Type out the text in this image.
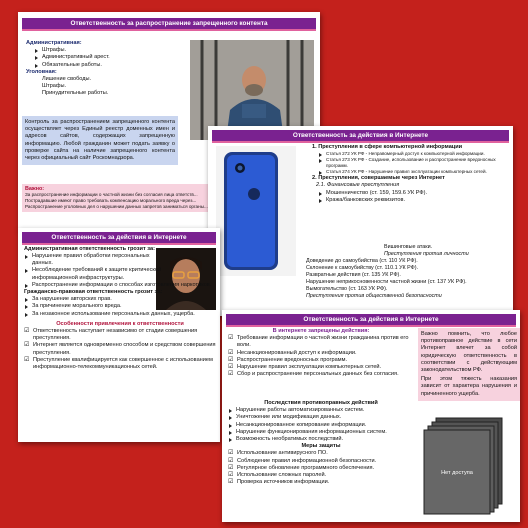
Ответственность за распространение запрещенного контента
Административная:
Штрафы.
Административный арест.
Обязательные работы.
Уголовная:
Лишение свободы.
Штрафы.
Принудительные работы.
Контроль за распространением запрещенного контента осуществляет через Единый реестр доменных имен и адресов сайтов, содержащих запрещенную информацию. Любой гражданин может подать заявку о проверке сайта на наличие запрещенного контента через официальный сайт Роскомнадзора.
Важно:
За распространение информации о частной жизни без согласия лица ответств...
Пострадавшие имеют право требовать компенсацию морального вреда через...
Распространение уголовных дел о нарушении данных запретов заниматься органы...
Ответственность за действия в Интернете
1. Преступления в сфере компьютерной информации
Статья 272 УК РФ - Неправомерный доступ к компьютерной информации.
Статья 273 УК РФ - Создание, использование и распространение вредоносных программ.
Статья 274 УК РФ - Нарушение правил эксплуатации компьютерных сетей.
2. Преступления, совершаемые через Интернет
2.1. Финансовые преступления
Мошенничество (ст. 159, 159.6 УК РФ).
Кража/банковских реквизитов.
Вишинговые атаки.
Преступления против личности
Доведение до самоубийства (ст. 110 УК РФ).
Склонение к самоубийству (ст. 110.1 УК РФ).
Развратные действия (ст. 135 УК РФ).
Нарушение неприкосновенности частной жизни (ст. 137 УК РФ).
Вымогательство (ст. 163 УК РФ).
Преступления против общественной безопасности
Ответственность за действия в Интернете
Административная ответственность грозит за:
Нарушение правил обработки персональных данных.
Несоблюдение требований к защите критической информационной инфраструктуры.
Распространение информации о способах изготовления наркотиков.
Гражданско-правовая ответственность грозит за:
За нарушение авторских прав.
За причинение морального вреда.
За незаконное использование персональных данных, ущерба.
Особенности привлечения к ответственности
☑ Ответственность наступает независимо от стадии совершения преступления.
☑ Интернет является одновременно способом и средством совершения преступления.
☑ Преступление квалифицируется как совершенное с использованием информационно-телекоммуникационных сетей.
Ответственность за действия в Интернете
В интернете запрещены действия:
☑ Требование информации о частной жизни гражданина против его воли.
☑ Несанкционированный доступ к информации.
☑ Распространение вредоносных программ.
☑ Нарушение правил эксплуатации компьютерных сетей.
☑ Сбор и распространение персональных данных без согласия.
Важно помнить, что любое противоправное действие в сети Интернет влечет за собой юридическую ответственность в соответствии с действующим законодательством РФ.
При этом тяжесть наказания зависит от характера нарушения и причиненного ущерба.
Последствия противоправных действий
Нарушение работы автоматизированных систем.
Уничтожение или модификация данных.
Несанкционированное копирование информации.
Нарушение функционирования информационных систем.
Возможность необратимых последствий.
Меры защиты
☑ Использование антивирусного ПО.
☑ Соблюдение правил информационной безопасности.
☑ Регулярное обновление программного обеспечения.
☑ Использование сложных паролей.
☑ Проверка источников информации.
Нет доступа
